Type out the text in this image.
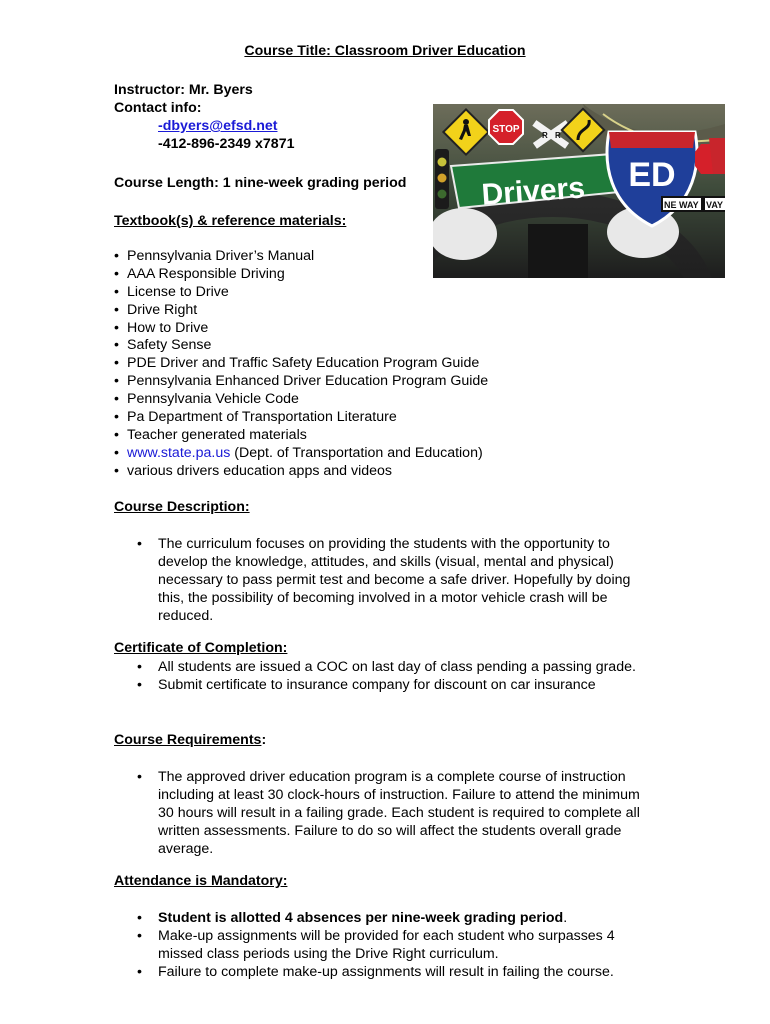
Course Title: Classroom Driver Education
Instructor: Mr. Byers
Contact info:
-dbyers@efsd.net
-412-896-2349 x7871
Course Length: 1 nine-week grading period
Textbook(s) & reference materials:
• Pennsylvania Driver’s Manual
• AAA Responsible Driving
• License to Drive
• Drive Right
• How to Drive
• Safety Sense
• PDE Driver and Traffic Safety Education Program Guide
• Pennsylvania Enhanced Driver Education Program Guide
• Pennsylvania Vehicle Code
• Pa Department of Transportation Literature
• Teacher generated materials
• www.state.pa.us (Dept. of Transportation and Education)
• various drivers education apps and videos
STOP
R R
Drivers ED
NE WAY VAY
Course Description:
• The curriculum focuses on providing the students with the opportunity to develop the knowledge, attitudes, and skills (visual, mental and physical) necessary to pass permit test and become a safe driver. Hopefully by doing this, the possibility of becoming involved in a motor vehicle crash will be reduced.
Certificate of Completion:
• All students are issued a COC on last day of class pending a passing grade.
• Submit certificate to insurance company for discount on car insurance
Course Requirements:
• The approved driver education program is a complete course of instruction including at least 30 clock-hours of instruction. Failure to attend the minimum 30 hours will result in a failing grade. Each student is required to complete all written assessments. Failure to do so will affect the students overall grade average.
Attendance is Mandatory:
• Student is allotted 4 absences per nine-week grading period.
• Make-up assignments will be provided for each student who surpasses 4 missed class periods using the Drive Right curriculum.
• Failure to complete make-up assignments will result in failing the course.
